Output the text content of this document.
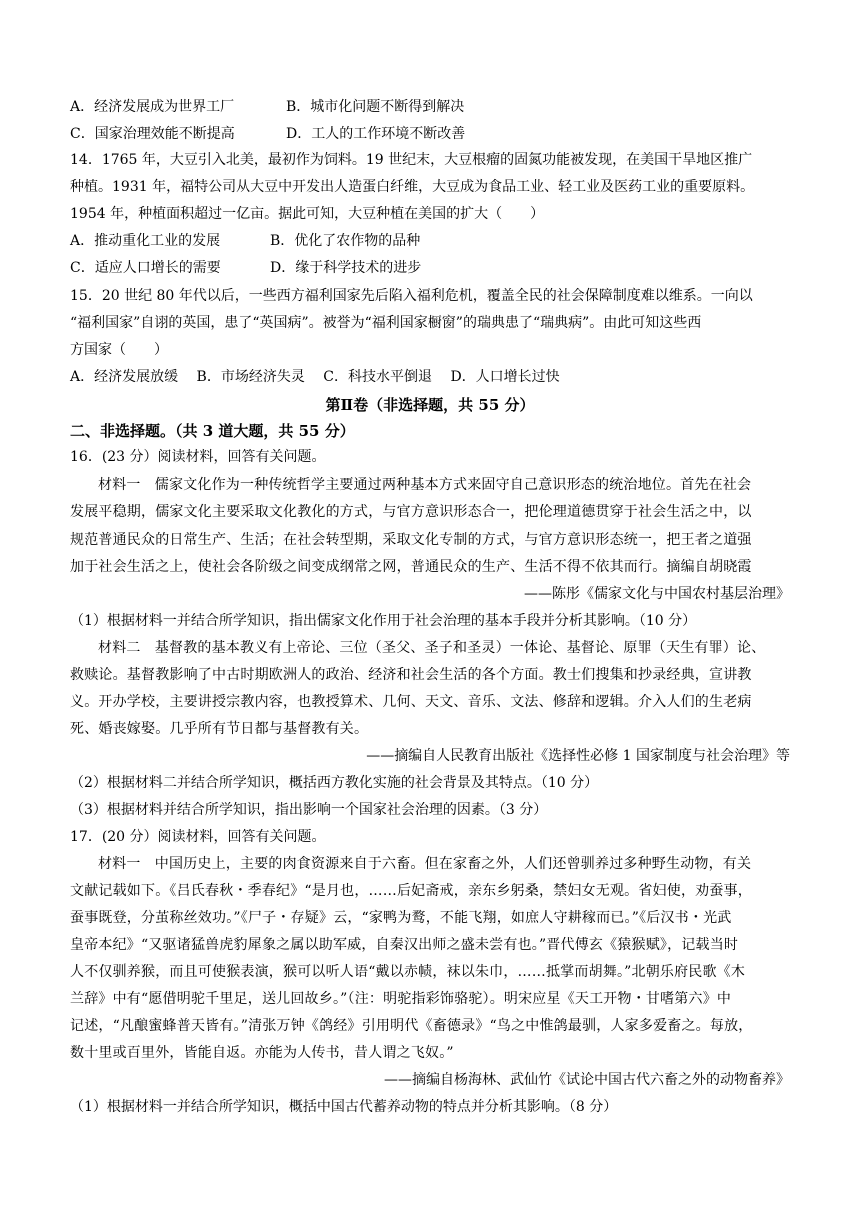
A．经济发展成为世界工厂	B．城市化问题不断得到解决
C．国家治理效能不断提高	D．工人的工作环境不断改善
14．1765 年，大豆引入北美，最初作为饲料。19 世纪末，大豆根瘤的固氮功能被发现，在美国干旱地区推广
种植。1931 年，福特公司从大豆中开发出人造蛋白纤维，大豆成为食品工业、轻工业及医药工业的重要原料。
1954 年，种植面积超过一亿亩。据此可知，大豆种植在美国的扩大（　　）
A．推动重化工业的发展	B．优化了农作物的品种
C．适应人口增长的需要	D．缘于科学技术的进步
15．20 世纪 80 年代以后，一些西方福利国家先后陷入福利危机，覆盖全民的社会保障制度难以维系。一向以
“福利国家”自诩的英国，患了“英国病”。被誉为“福利国家橱窗”的瑞典患了“瑞典病”。由此可知这些西
方国家（　　）
A．经济发展放缓　 B．市场经济失灵　 C．科技水平倒退　 D．人口增长过快
第Ⅱ卷（非选择题，共 55 分）
二、非选择题。（共 3 道大题，共 55 分）
16．(23 分）阅读材料，回答有关问题。
材料一　儒家文化作为一种传统哲学主要通过两种基本方式来固守自己意识形态的统治地位。首先在社会
发展平稳期，儒家文化主要采取文化教化的方式，与官方意识形态合一，把伦理道德贯穿于社会生活之中，以
规范普通民众的日常生产、生活；在社会转型期，采取文化专制的方式，与官方意识形态统一，把王者之道强
加于社会生活之上，使社会各阶级之间变成纲常之网，普通民众的生产、生活不得不依其而行。摘编自胡晓霞
——陈彤《儒家文化与中国农村基层治理》
（1）根据材料一并结合所学知识，指出儒家文化作用于社会治理的基本手段并分析其影响。（10 分）
材料二　基督教的基本教义有上帝论、三位（圣父、圣子和圣灵）一体论、基督论、原罪（天生有罪）论、
救赎论。基督教影响了中古时期欧洲人的政治、经济和社会生活的各个方面。教士们搜集和抄录经典，宣讲教
义。开办学校，主要讲授宗教内容，也教授算术、几何、天文、音乐、文法、修辞和逻辑。介入人们的生老病
死、婚丧嫁娶。几乎所有节日都与基督教有关。
——摘编自人民教育出版社《选择性必修 1 国家制度与社会治理》等
（2）根据材料二并结合所学知识，概括西方教化实施的社会背景及其特点。（10 分）
（3）根据材料并结合所学知识，指出影响一个国家社会治理的因素。（3 分）
17．(20 分）阅读材料，回答有关问题。
材料一　中国历史上，主要的肉食资源来自于六畜。但在家畜之外，人们还曾驯养过多种野生动物，有关
文献记载如下。《吕氏春秋・季春纪》“是月也，……后妃斋戒，亲东乡躬桑，禁妇女无观。省妇使，劝蚕事，
蚕事既登，分茧称丝效功。”《尸子・存疑》云，“家鸭为鹜，不能飞翔，如庶人守耕稼而已。”《后汉书・光武
皇帝本纪》“又驱诸猛兽虎豹犀象之属以助军威，自秦汉出师之盛未尝有也。”晋代傅玄《猿猴赋》，记载当时
人不仅驯养猴，而且可使猴表演，猴可以听人语“戴以赤帻，袜以朱巾，……抵掌而胡舞。”北朝乐府民歌《木
兰辞》中有“愿借明驼千里足，送儿回故乡。”（注：明驼指彩饰骆驼）。明宋应星《天工开物・甘嗜第六》中
记述，“凡酿蜜蜂普天皆有。”清张万钟《鸽经》引用明代《畜德录》“鸟之中惟鸽最驯，人家多爱畜之。每放，
数十里或百里外，皆能自返。亦能为人传书，昔人谓之飞奴。”
——摘编自杨海林、武仙竹《试论中国古代六畜之外的动物畜养》
（1）根据材料一并结合所学知识，概括中国古代蓄养动物的特点并分析其影响。（8 分）
